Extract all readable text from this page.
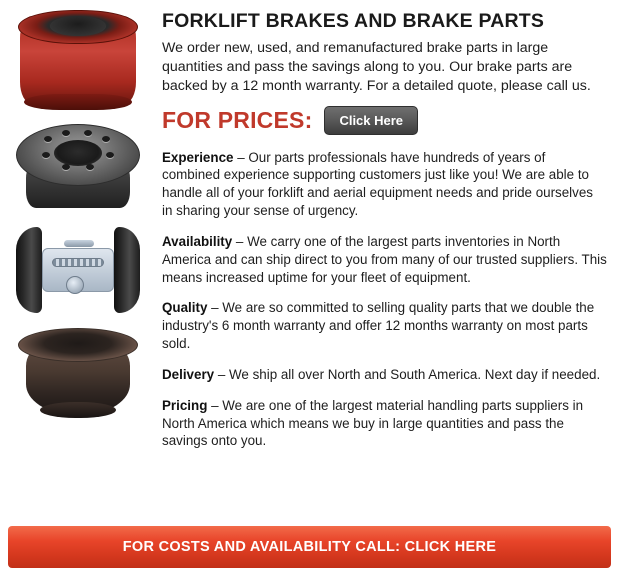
FORKLIFT BRAKES AND BRAKE PARTS

We order new, used, and remanufactured brake parts in large quantities and pass the savings along to you. Our brake parts are backed by a 12 month warranty. For a detailed quote, please call us.

FOR PRICES:	Click Here

Experience – Our parts professionals have hundreds of years of combined experience supporting customers just like you! We are able to handle all of your forklift and aerial equipment needs and pride ourselves in sharing your sense of urgency.

Availability – We carry one of the largest parts inventories in North America and can ship direct to you from many of our trusted suppliers. This means increased uptime for your fleet of equipment.

Quality – We are so committed to selling quality parts that we double the industry's 6 month warranty and offer 12 months warranty on most parts sold.

Delivery – We ship all over North and South America. Next day if needed.

Pricing – We are one of the largest material handling parts suppliers in North America which means we buy in large quantities and pass the savings onto you.

FOR COSTS AND AVAILABILITY CALL: CLICK HERE
